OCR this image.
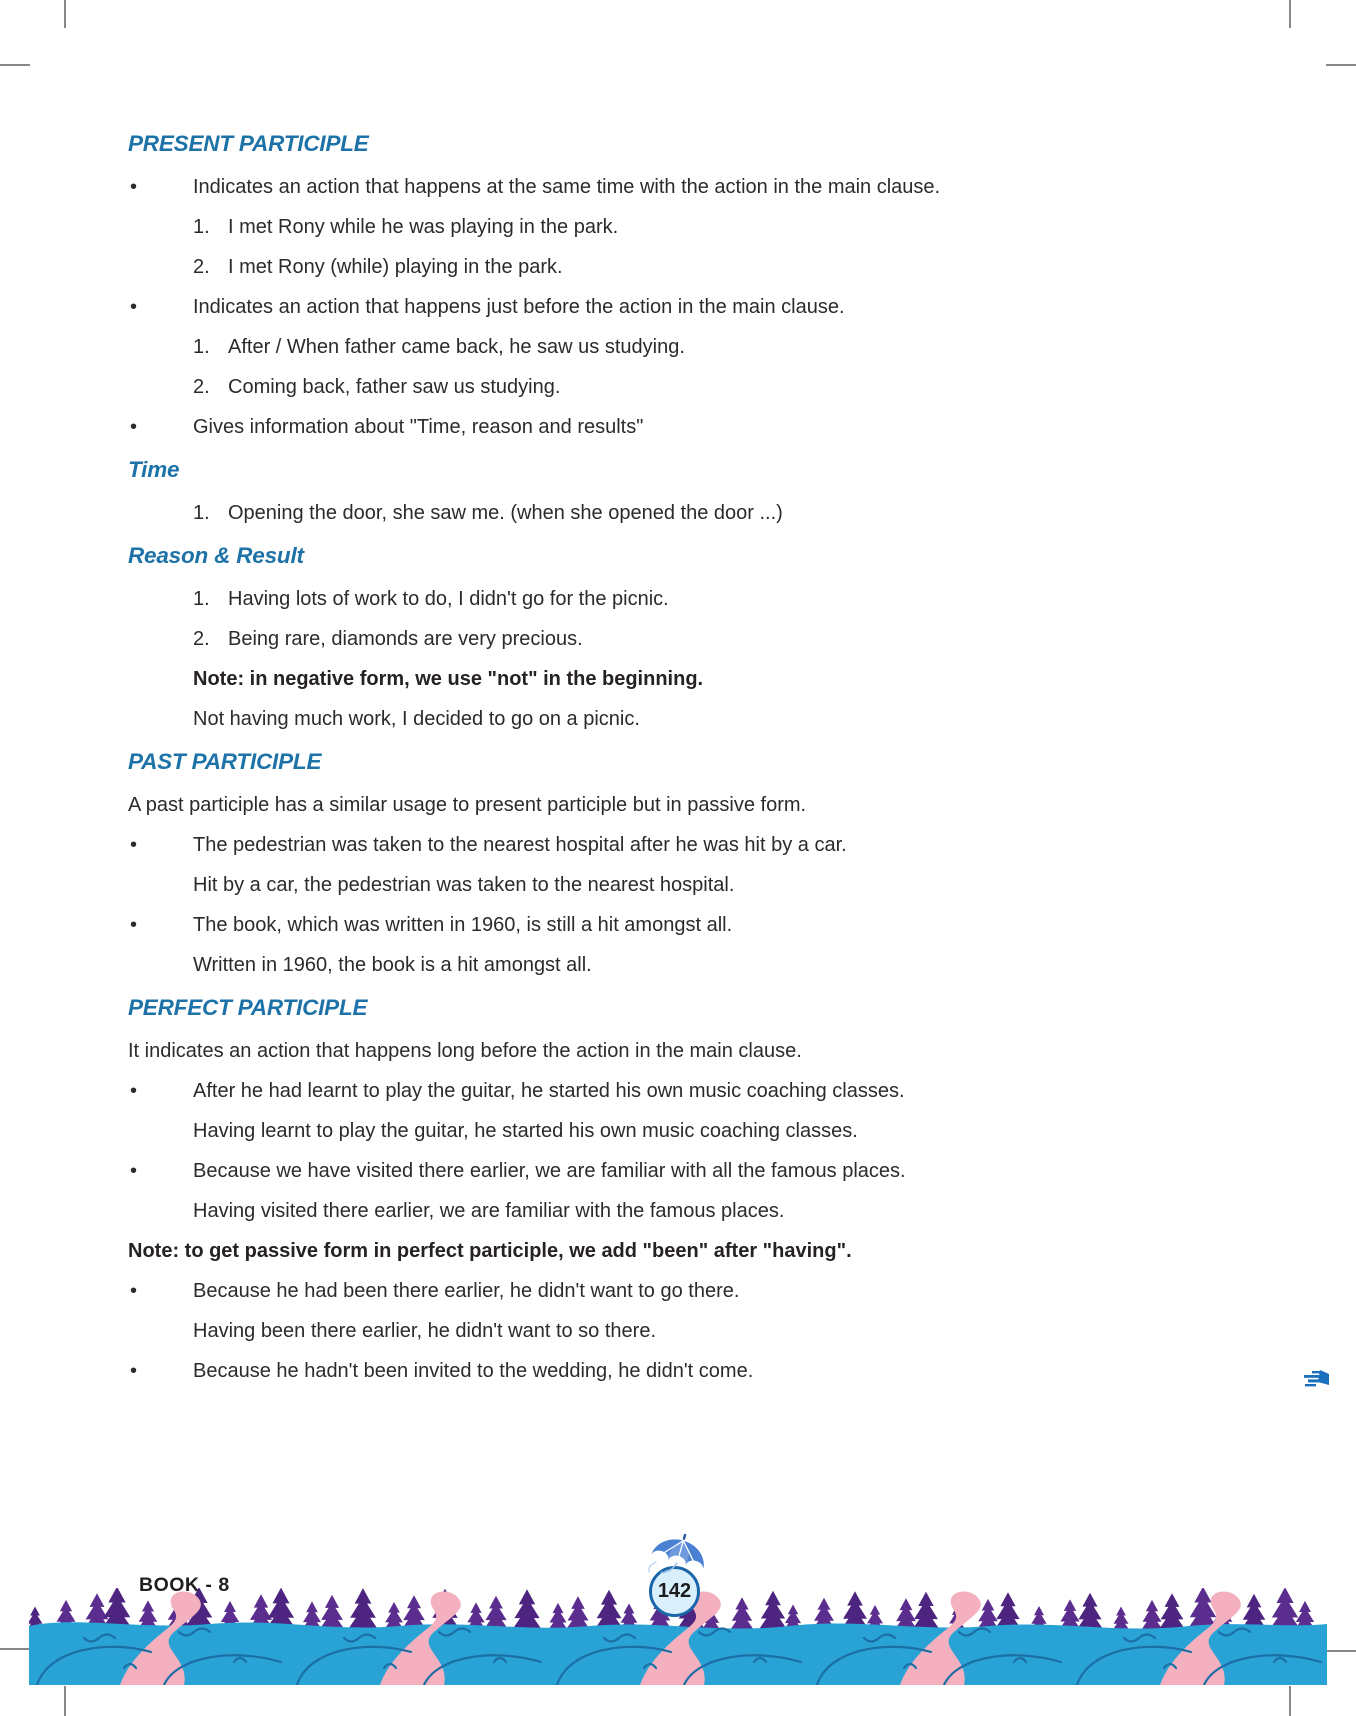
PRESENT PARTICIPLE
•	Indicates an action that happens at the same time with the action in the main clause.
1. I met Rony while he was playing in the park.
2. I met Rony (while) playing in the park.
•	Indicates an action that happens just before the action in the main clause.
1. After / When father came back, he saw us studying.
2. Coming back, father saw us studying.
•	Gives information about "Time, reason and results"
Time
1. Opening the door, she saw me. (when she opened the door ...)
Reason & Result
1. Having lots of work to do, I didn't go for the picnic.
2. Being rare, diamonds are very precious.
Note: in negative form, we use "not" in the beginning.
Not having much work, I decided to go on a picnic.
PAST PARTICIPLE
A past participle has a similar usage to present participle but in passive form.
•	The pedestrian was taken to the nearest hospital after he was hit by a car.
Hit by a car, the pedestrian was taken to the nearest hospital.
•	The book, which was written in 1960, is still a hit amongst all.
Written in 1960, the book is a hit amongst all.
PERFECT PARTICIPLE
It indicates an action that happens long before the action in the main clause.
•	After he had learnt to play the guitar, he started his own music coaching classes.
Having learnt to play the guitar, he started his own music coaching classes.
•	Because we have visited there earlier, we are familiar with all the famous places.
Having visited there earlier, we are familiar with the famous places.
Note: to get passive form in perfect participle, we add "been" after "having".
•	Because he had been there earlier, he didn't want to go there.
Having been there earlier, he didn't want to so there.
•	Because he hadn't been invited to the wedding, he didn't come.
142
BOOK - 8
